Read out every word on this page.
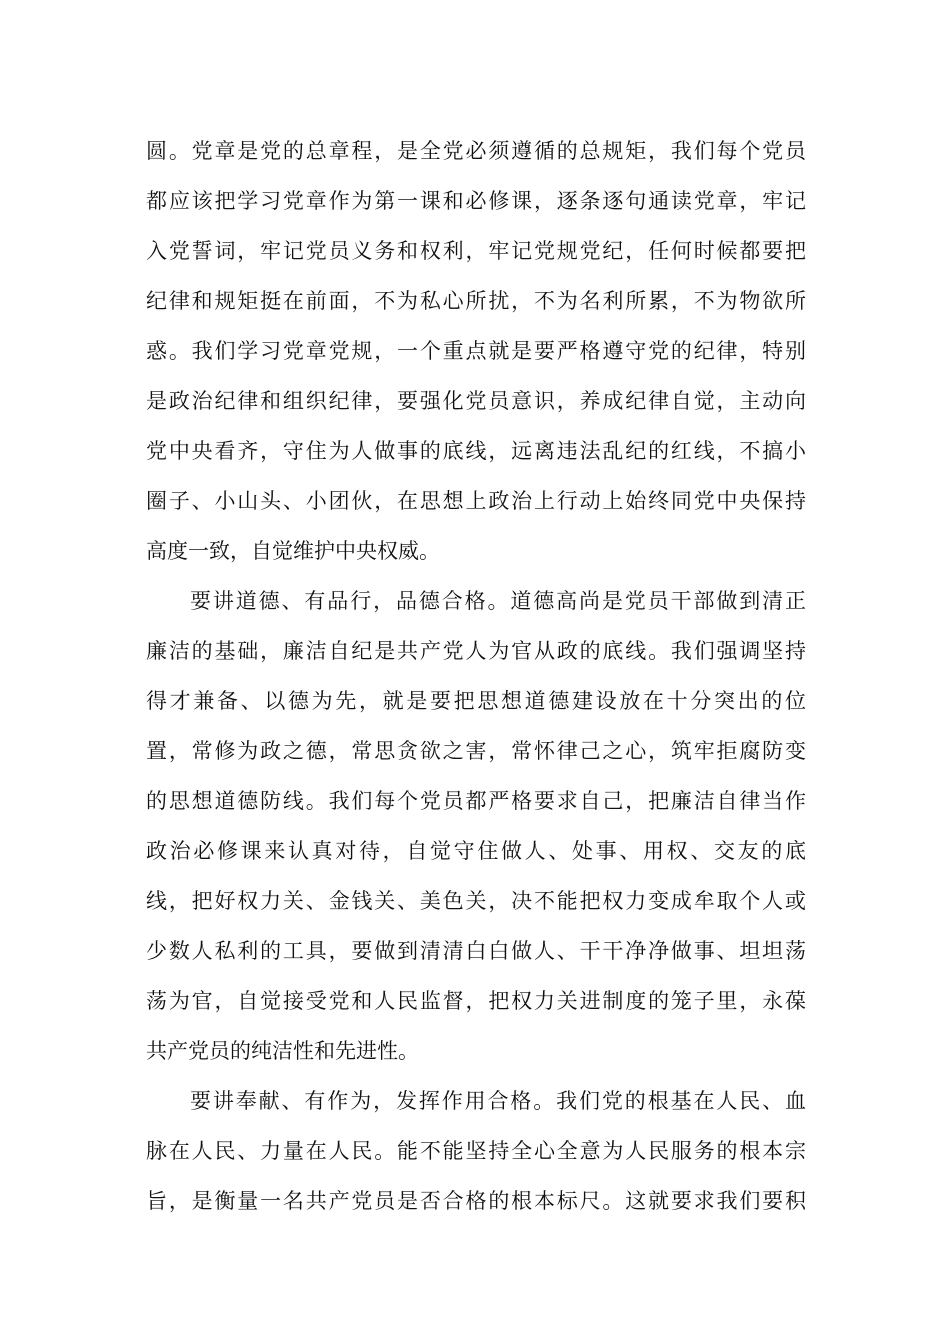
圆。党章是党的总章程，是全党必须遵循的总规矩，我们每个党员
都应该把学习党章作为第一课和必修课，逐条逐句通读党章，牢记
入党誓词，牢记党员义务和权利，牢记党规党纪，任何时候都要把
纪律和规矩挺在前面，不为私心所扰，不为名利所累，不为物欲所
惑。我们学习党章党规，一个重点就是要严格遵守党的纪律，特别
是政治纪律和组织纪律，要强化党员意识，养成纪律自觉，主动向
党中央看齐，守住为人做事的底线，远离违法乱纪的红线，不搞小
圈子、小山头、小团伙，在思想上政治上行动上始终同党中央保持
高度一致，自觉维护中央权威。
要讲道德、有品行，品德合格。道德高尚是党员干部做到清正
廉洁的基础，廉洁自纪是共产党人为官从政的底线。我们强调坚持
得才兼备、以德为先，就是要把思想道德建设放在十分突出的位
置，常修为政之德，常思贪欲之害，常怀律己之心，筑牢拒腐防变
的思想道德防线。我们每个党员都严格要求自己，把廉洁自律当作
政治必修课来认真对待，自觉守住做人、处事、用权、交友的底
线，把好权力关、金钱关、美色关，决不能把权力变成牟取个人或
少数人私利的工具，要做到清清白白做人、干干净净做事、坦坦荡
荡为官，自觉接受党和人民监督，把权力关进制度的笼子里，永葆
共产党员的纯洁性和先进性。
要讲奉献、有作为，发挥作用合格。我们党的根基在人民、血
脉在人民、力量在人民。能不能坚持全心全意为人民服务的根本宗
旨，是衡量一名共产党员是否合格的根本标尺。这就要求我们要积
